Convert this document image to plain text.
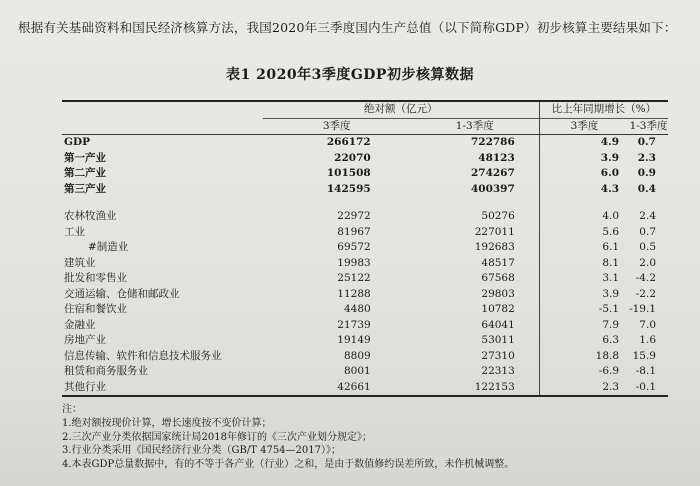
根据有关基础资料和国民经济核算方法，我国2020年三季度国内生产总值（以下简称GDP）初步核算主要结果如下：
表1 2020年3季度GDP初步核算数据
	绝对额（亿元）		比上年同期增长（%）	
	3季度	1-3季度	3季度	1-3季度
GDP	266172	722786	4.9	0.7
第一产业	22070	48123	3.9	2.3
第二产业	101508	274267	6.0	0.9
第三产业	142595	400397	4.3	0.4

农林牧渔业	22972	50276	4.0	2.4
工业	81967	227011	5.6	0.7
#制造业	69572	192683	6.1	0.5
建筑业	19983	48517	8.1	2.0
批发和零售业	25122	67568	3.1	-4.2
交通运输、仓储和邮政业	11288	29803	3.9	-2.2
住宿和餐饮业	4480	10782	-5.1	-19.1
金融业	21739	64041	7.9	7.0
房地产业	19149	53011	6.3	1.6
信息传输、软件和信息技术服务业	8809	27310	18.8	15.9
租赁和商务服务业	8001	22313	-6.9	-8.1
其他行业	42661	122153	2.3	-0.1
注：
1.绝对额按现价计算，增长速度按不变价计算；
2.三次产业分类依据国家统计局2018年修订的《三次产业划分规定》；
3.行业分类采用《国民经济行业分类（GB/T 4754—2017）》；
4.本表GDP总量数据中，有的不等于各产业（行业）之和，是由于数值修约误差所致，未作机械调整。
